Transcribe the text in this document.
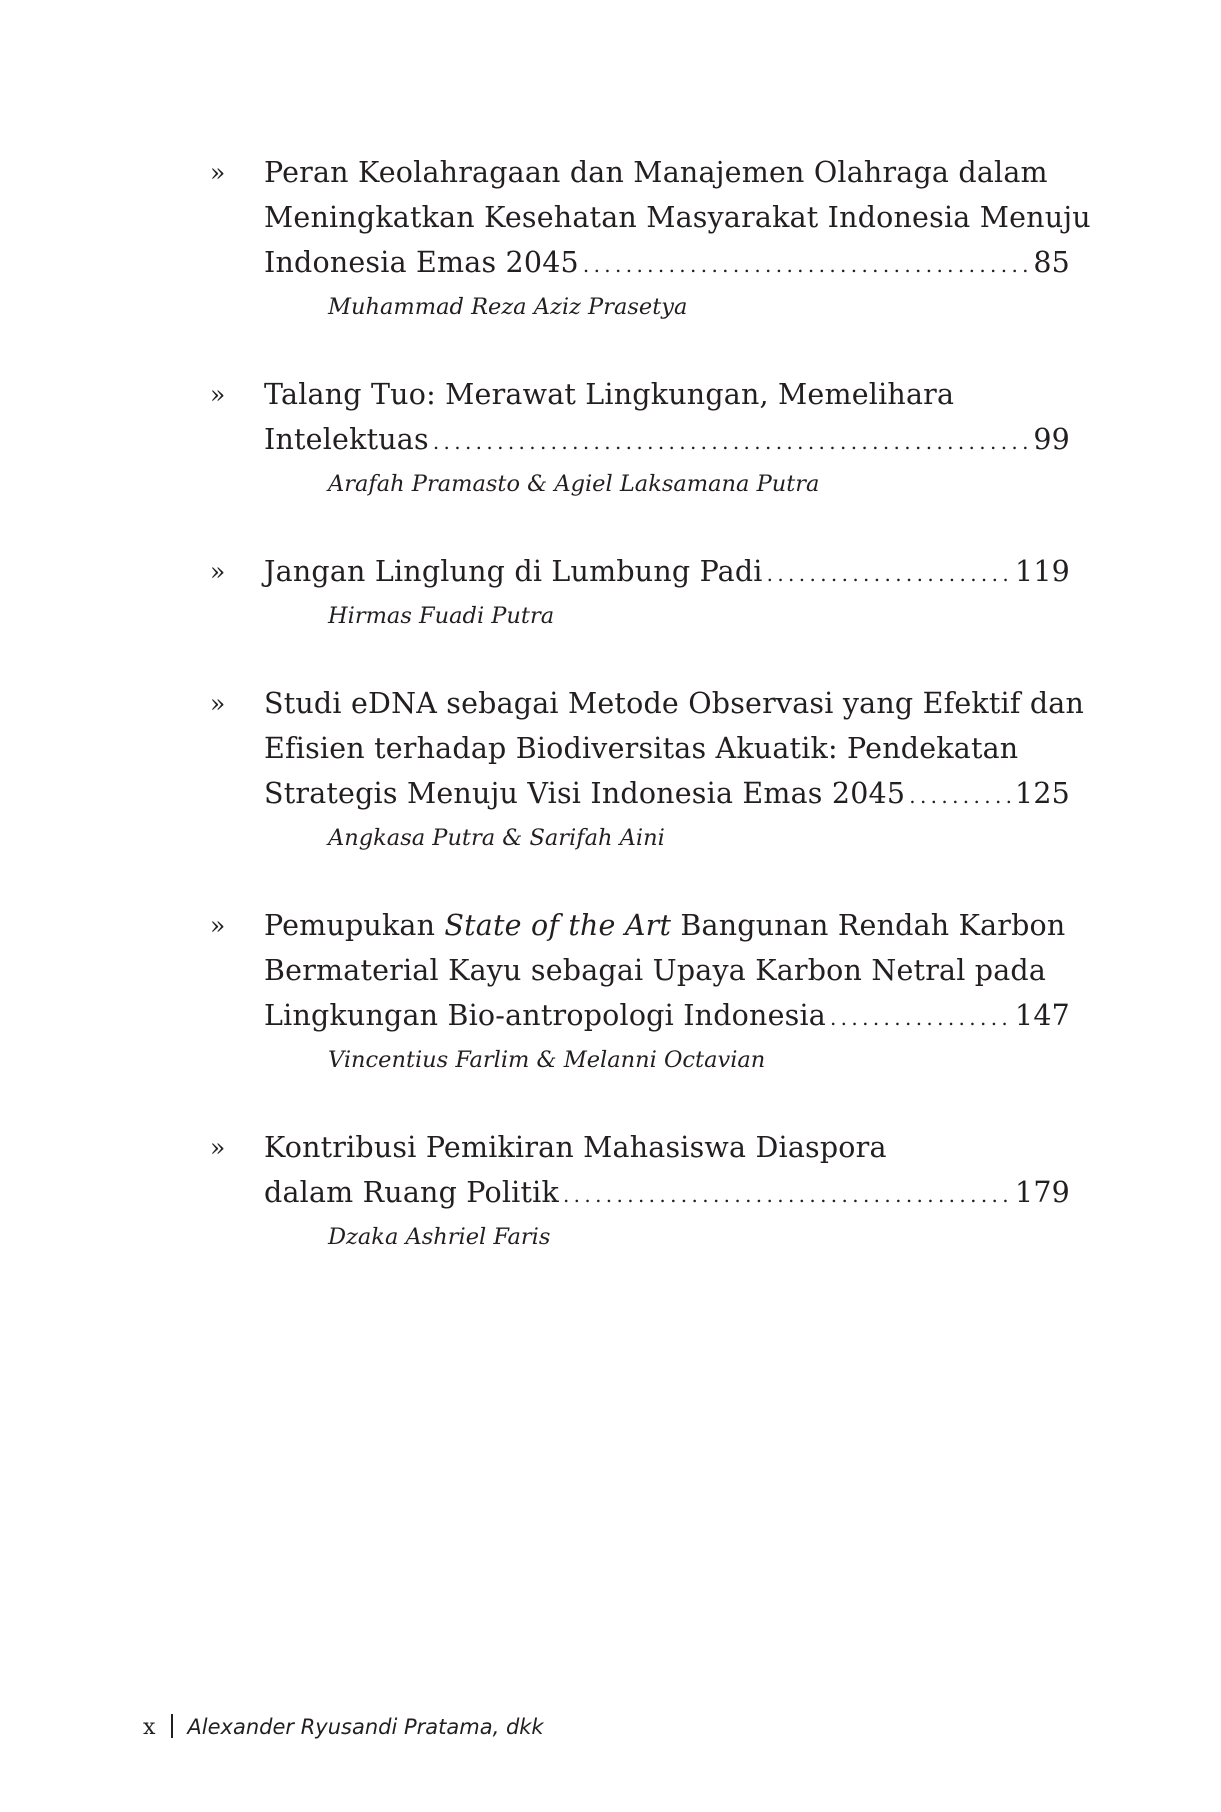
» Peran Keolahragaan dan Manajemen Olahraga dalam
Meningkatkan Kesehatan Masyarakat Indonesia Menuju
Indonesia Emas 2045 . . .	85
Muhammad Reza Aziz Prasetya
» Talang Tuo: Merawat Lingkungan, Memelihara
Intelektuas . . .	99
Arafah Pramasto & Agiel Laksamana Putra
» Jangan Linglung di Lumbung Padi . . .	119
Hirmas Fuadi Putra
» Studi eDNA sebagai Metode Observasi yang Efektif dan
Efisien terhadap Biodiversitas Akuatik: Pendekatan
Strategis Menuju Visi Indonesia Emas 2045 . . .	125
Angkasa Putra & Sarifah Aini
» Pemupukan State of the Art Bangunan Rendah Karbon
Bermaterial Kayu sebagai Upaya Karbon Netral pada
Lingkungan Bio-antropologi Indonesia . . .	147
Vincentius Farlim & Melanni Octavian
» Kontribusi Pemikiran Mahasiswa Diaspora
dalam Ruang Politik . . .	179
Dzaka Ashriel Faris
x Alexander Ryusandi Pratama, dkk
